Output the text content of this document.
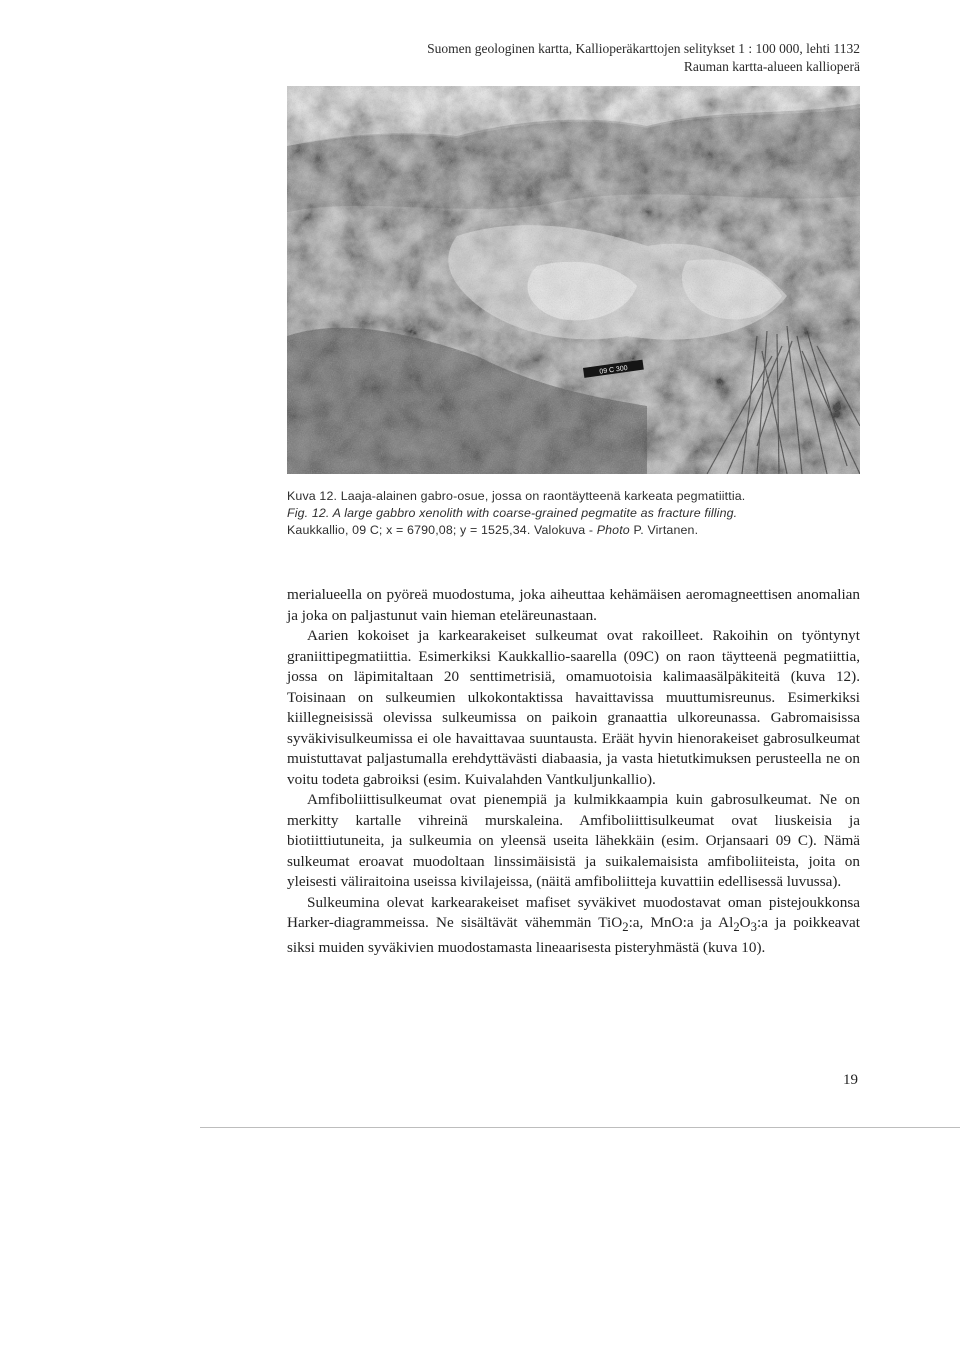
Suomen geologinen kartta, Kallioperäkarttojen selitykset 1 : 100 000, lehti 1132
Rauman kartta-alueen kallioperä
09 C 300
Kuva 12. Laaja-alainen gabro-osue, jossa on raontäytteenä karkeata pegmatiittia.
Fig. 12. A large gabbro xenolith with coarse-grained pegmatite as fracture filling.
Kaukkallio, 09 C; x = 6790,08; y = 1525,34. Valokuva - Photo P. Virtanen.

merialueella on pyöreä muodostuma, joka aiheuttaa kehämäisen aeromagneettisen anomalian ja joka on paljastunut vain hieman eteläreunastaan.

Aarien kokoiset ja karkearakeiset sulkeumat ovat rakoilleet. Rakoihin on työntynyt graniittipegmatiittia. Esimerkiksi Kaukkallio-saarella (09C) on raon täytteenä pegmatiittia, jossa on läpimitaltaan 20 senttimetrisiä, omamuotoisia kalimaasälpäkiteitä (kuva 12). Toisinaan on sulkeumien ulkokontaktissa havaittavissa muuttumisreunus. Esimerkiksi kiillegneisissä olevissa sulkeumissa on paikoin granaattia ulkoreunassa. Gabromaisissa syväkivisulkeumissa ei ole havaittavaa suuntausta. Eräät hyvin hienorakeiset gabrosulkeumat muistuttavat paljastumalla erehdyttävästi diabaasia, ja vasta hietutkimuksen perusteella ne on voitu todeta gabroiksi (esim. Kuivalahden Vantkuljunkallio).

Amfiboliittisulkeumat ovat pienempiä ja kulmikkaampia kuin gabrosulkeumat. Ne on merkitty kartalle vihreinä murskaleina. Amfiboliittisulkeumat ovat liuskeisia ja biotiittiutuneita, ja sulkeumia on yleensä useita lähekkäin (esim. Orjansaari 09 C). Nämä sulkeumat eroavat muodoltaan linssimäisistä ja suikalemaisista amfiboliiteista, joita on yleisesti väliraitoina useissa kivilajeissa, (näitä amfiboliitteja kuvattiin edellisessä luvussa).

Sulkeumina olevat karkearakeiset mafiset syväkivet muodostavat oman pistejoukkonsa Harker-diagrammeissa. Ne sisältävät vähemmän TiO$_2$:a, MnO:a ja $Al_2O_3:a$ ja poikkeavat siksi muiden syväkivien muodostamasta lineaarisesta pisteryhmästä (kuva 10).

19
